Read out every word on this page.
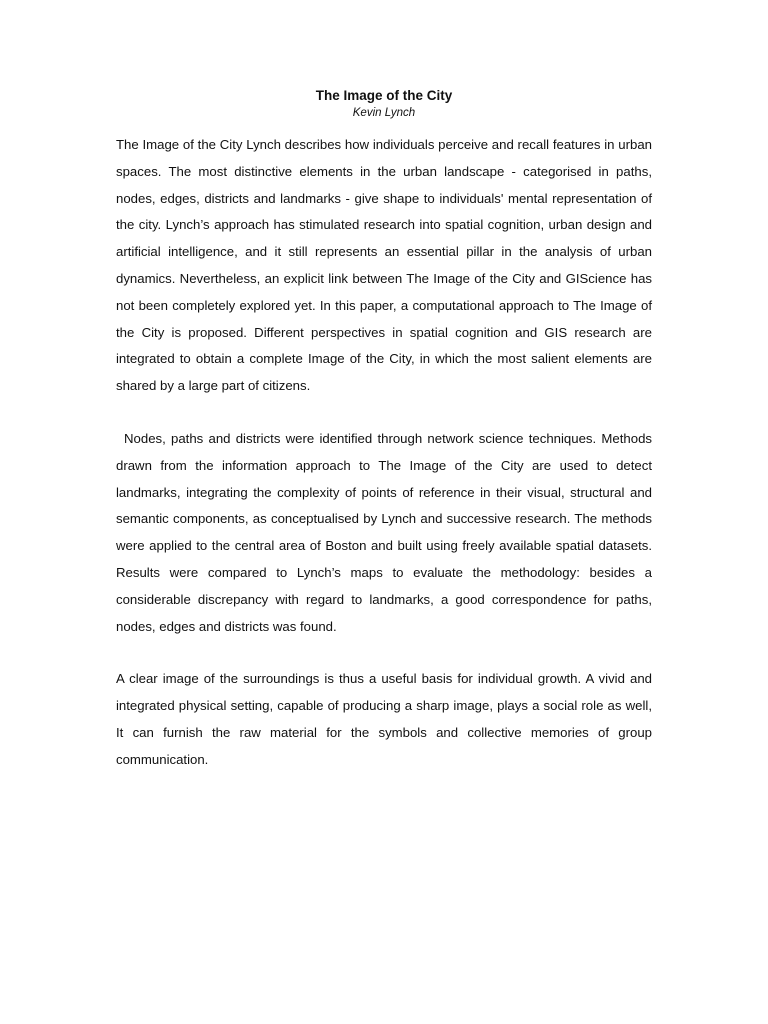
The Image of the City

Kevin Lynch

The Image of the City Lynch describes how individuals perceive and recall features in urban spaces. The most distinctive elements in the urban landscape - categorised in paths, nodes, edges, districts and landmarks - give shape to individuals' mental representation of the city. Lynch’s approach has stimulated research into spatial cognition, urban design and artificial intelligence, and it still represents an essential pillar in the analysis of urban dynamics. Nevertheless, an explicit link between The Image of the City and GIScience has not been completely explored yet. In this paper, a computational approach to The Image of the City is proposed. Different perspectives in spatial cognition and GIS research are integrated to obtain a complete Image of the City, in which the most salient elements are shared by a large part of citizens.

Nodes, paths and districts were identified through network science techniques. Methods drawn from the information approach to The Image of the City are used to detect landmarks, integrating the complexity of points of reference in their visual, structural and semantic components, as conceptualised by Lynch and successive research. The methods were applied to the central area of Boston and built using freely available spatial datasets. Results were compared to Lynch’s maps to evaluate the methodology: besides a considerable discrepancy with regard to landmarks, a good correspondence for paths, nodes, edges and districts was found.

A clear image of the surroundings is thus a useful basis for individual growth. A vivid and integrated physical setting, capable of producing a sharp image, plays a social role as well, It can furnish the raw material for the symbols and collective memories of group communication.
